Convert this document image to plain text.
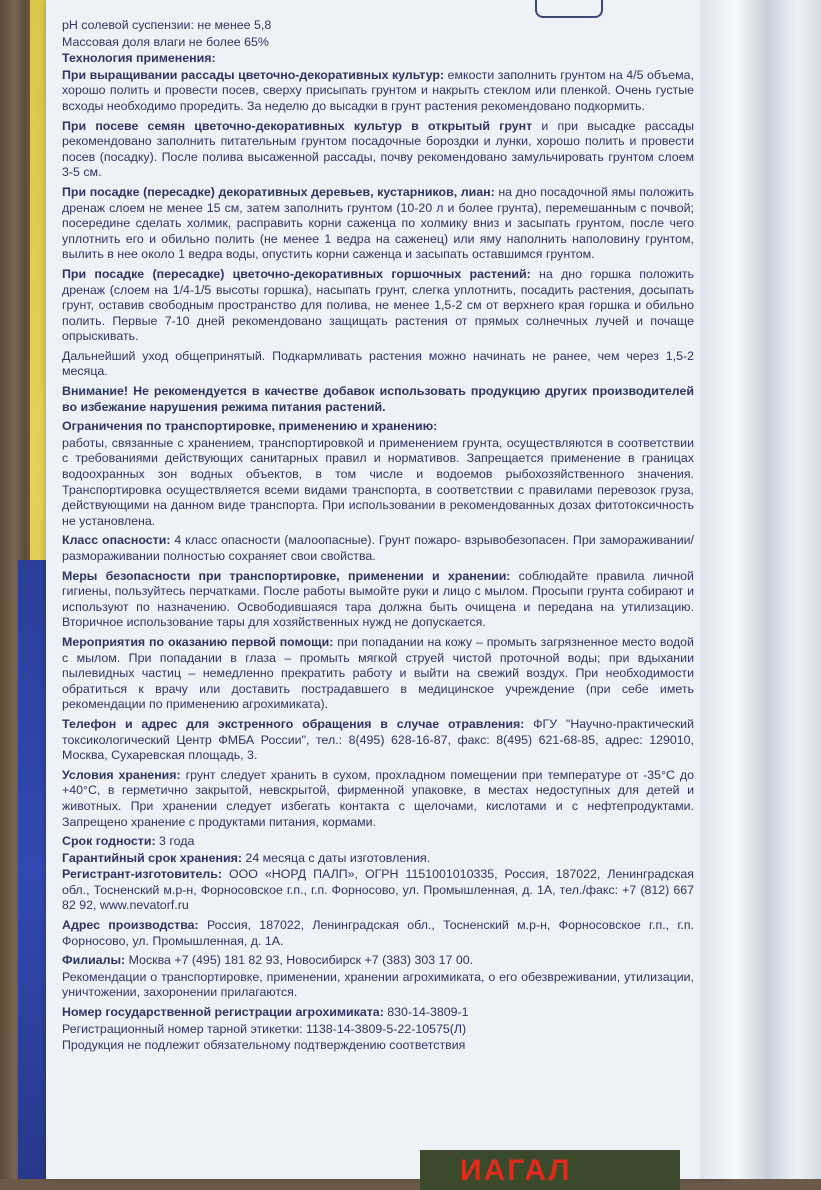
pH солевой суспензии: не менее 5,8

Массовая доля влаги не более 65%

Технология применения:

При выращивании рассады цветочно-декоративных культур: емкости заполнить грунтом на 4/5 объема, хорошо полить и провести посев, сверху присыпать грунтом и накрыть стеклом или пленкой. Очень густые всходы необходимо проредить. За неделю до высадки в грунт растения рекомендовано подкормить.

При посеве семян цветочно-декоративных культур в открытый грунт и при высадке рассады рекомендовано заполнить питательным грунтом посадочные бороздки и лунки, хорошо полить и провести посев (посадку). После полива высаженной рассады, почву рекомендовано замульчировать грунтом слоем 3-5 см.

При посадке (пересадке) декоративных деревьев, кустарников, лиан: на дно посадочной ямы положить дренаж слоем не менее 15 см, затем заполнить грунтом (10-20 л и более грунта), перемешанным с почвой; посередине сделать холмик, расправить корни саженца по холмику вниз и засыпать грунтом, после чего уплотнить его и обильно полить (не менее 1 ведра на саженец) или яму наполнить наполовину грунтом, вылить в нее около 1 ведра воды, опустить корни саженца и засыпать оставшимся грунтом.

При посадке (пересадке) цветочно-декоративных горшочных растений: на дно горшка положить дренаж (слоем на 1/4-1/5 высоты горшка), насыпать грунт, слегка уплотнить, посадить растения, досыпать грунт, оставив свободным пространство для полива, не менее 1,5-2 см от верхнего края горшка и обильно полить. Первые 7-10 дней рекомендовано защищать растения от прямых солнечных лучей и почаще опрыскивать.

Дальнейший уход общепринятый. Подкармливать растения можно начинать не ранее, чем через 1,5-2 месяца.

Внимание! Не рекомендуется в качестве добавок использовать продукцию других производителей во избежание нарушения режима питания растений.

Ограничения по транспортировке, применению и хранению:

работы, связанные с хранением, транспортировкой и применением грунта, осуществляются в соответствии с требованиями действующих санитарных правил и нормативов. Запрещается применение в границах водоохранных зон водных объектов, в том числе и водоемов рыбохозяйственного значения. Транспортировка осуществляется всеми видами транспорта, в соответствии с правилами перевозок груза, действующими на данном виде транспорта. При использовании в рекомендованных дозах фитотоксичность не установлена.

Класс опасности: 4 класс опасности (малоопасные). Грунт пожаро- взрывобезопасен. При замораживании/размораживании полностью сохраняет свои свойства.

Меры безопасности при транспортировке, применении и хранении: соблюдайте правила личной гигиены, пользуйтесь перчатками. После работы вымойте руки и лицо с мылом. Просыпи грунта собирают и используют по назначению. Освободившаяся тара должна быть очищена и передана на утилизацию. Вторичное использование тары для хозяйственных нужд не допускается.

Мероприятия по оказанию первой помощи: при попадании на кожу – промыть загрязненное место водой с мылом. При попадании в глаза – промыть мягкой струей чистой проточной воды; при вдыхании пылевидных частиц – немедленно прекратить работу и выйти на свежий воздух. При необходимости обратиться к врачу или доставить пострадавшего в медицинское учреждение (при себе иметь рекомендации по применению агрохимиката).

Телефон и адрес для экстренного обращения в случае отравления: ФГУ "Научно-практический токсикологический Центр ФМБА России", тел.: 8(495) 628-16-87, факс: 8(495) 621-68-85, адрес: 129010, Москва, Сухаревская площадь, 3.

Условия хранения: грунт следует хранить в сухом, прохладном помещении при температуре от -35°С до +40°С, в герметично закрытой, невскрытой, фирменной упаковке, в местах недоступных для детей и животных. При хранении следует избегать контакта с щелочами, кислотами и с нефтепродуктами. Запрещено хранение с продуктами питания, кормами.

Срок годности: 3 года

Гарантийный срок хранения: 24 месяца с даты изготовления.

Регистрант-изготовитель: ООО «НОРД ПАЛП», ОГРН 1151001010335, Россия, 187022, Ленинградская обл., Тосненский м.р-н, Форносовское г.п., г.п. Форносово, ул. Промышленная, д. 1А, тел./факс: +7 (812) 667 82 92, www.nevatorf.ru

Адрес производства: Россия, 187022, Ленинградская обл., Тосненский м.р-н, Форносовское г.п., г.п. Форносово, ул. Промышленная, д. 1А.

Филиалы: Москва +7 (495) 181 82 93, Новосибирск +7 (383) 303 17 00.

Рекомендации о транспортировке, применении, хранении агрохимиката, о его обезвреживании, утилизации, уничтожении, захоронении прилагаются.

Номер государственной регистрации агрохимиката: 830-14-3809-1

Регистрационный номер тарной этикетки: 1138-14-3809-5-22-10575(Л)

Продукция не подлежит обязательному подтверждению соответствия

ИАГАЛ
